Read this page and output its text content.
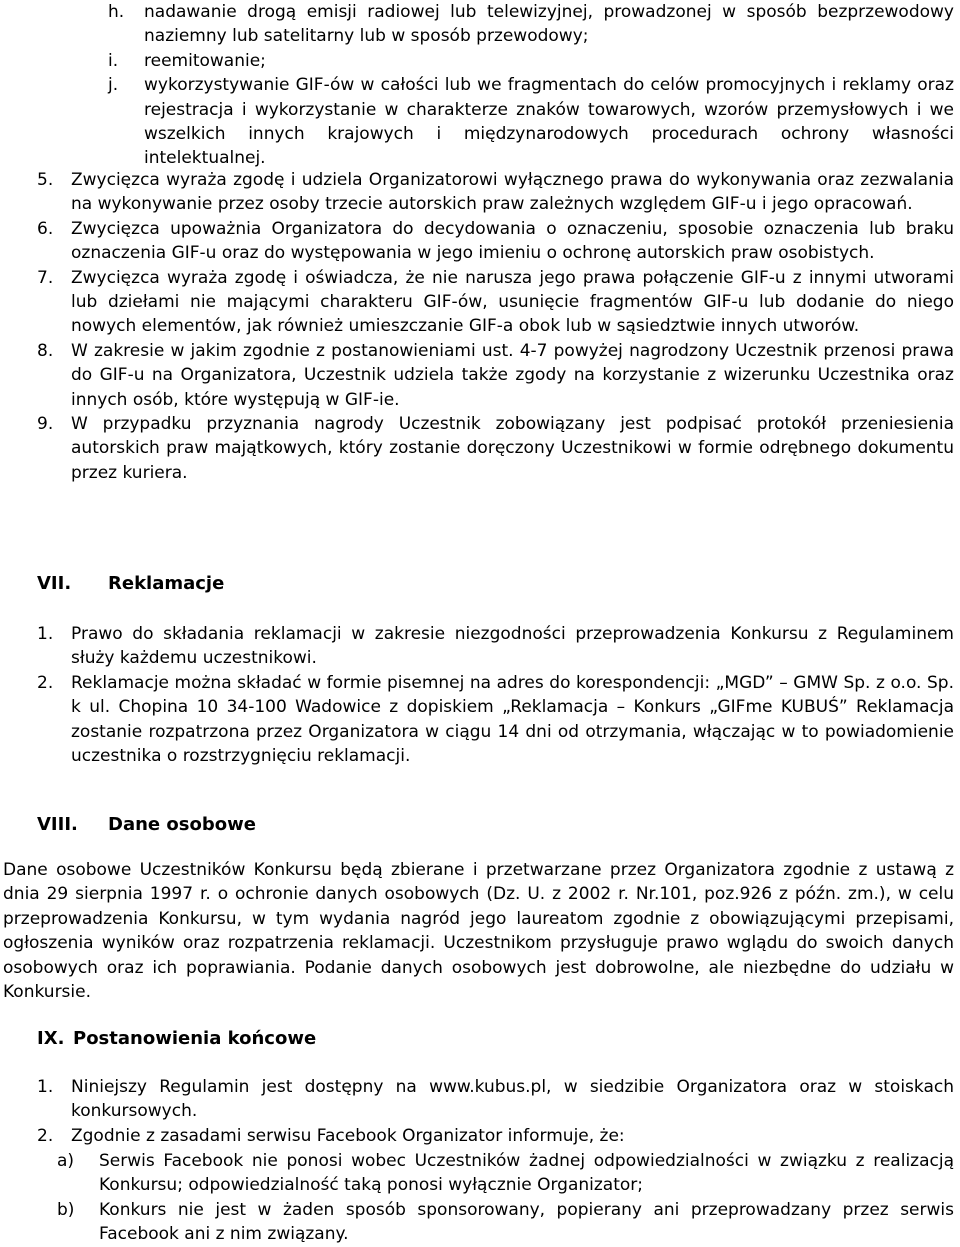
h.	nadawanie drogą emisji radiowej lub telewizyjnej, prowadzonej w sposób bezprzewodowy naziemny lub satelitarny lub w sposób przewodowy;
i.	reemitowanie;
j.	wykorzystywanie GIF-ów w całości lub we fragmentach do celów promocyjnych i reklamy oraz rejestracja i wykorzystanie w charakterze znaków towarowych, wzorów przemysłowych i we wszelkich innych krajowych i międzynarodowych procedurach ochrony własności intelektualnej.
5.	Zwycięzca wyraża zgodę i udziela Organizatorowi wyłącznego prawa do wykonywania oraz zezwalania na wykonywanie przez osoby trzecie autorskich praw zależnych względem GIF-u i jego opracowań.
6.	Zwycięzca upoważnia Organizatora do decydowania o oznaczeniu, sposobie oznaczenia lub braku oznaczenia GIF-u oraz do występowania w jego imieniu o ochronę autorskich praw osobistych.
7.	Zwycięzca wyraża zgodę i oświadcza, że nie narusza jego prawa połączenie GIF-u z innymi utworami lub dziełami nie mającymi charakteru GIF-ów, usunięcie fragmentów GIF-u lub dodanie do niego nowych elementów, jak również umieszczanie GIF-a obok lub w sąsiedztwie innych utworów.
8.	W zakresie w jakim zgodnie z postanowieniami ust. 4-7 powyżej nagrodzony Uczestnik przenosi prawa do GIF-u na Organizatora, Uczestnik udziela także zgody na korzystanie z wizerunku Uczestnika oraz innych osób, które występują w GIF-ie.
9.	W przypadku przyznania nagrody Uczestnik zobowiązany jest podpisać protokół przeniesienia autorskich praw majątkowych, który zostanie doręczony Uczestnikowi w formie odrębnego dokumentu przez kuriera.
VII. Reklamacje
1.	Prawo do składania reklamacji w zakresie niezgodności przeprowadzenia Konkursu z Regulaminem służy każdemu uczestnikowi.
2.	Reklamacje można składać w formie pisemnej na adres do korespondencji: „MGD” – GMW Sp. z o.o. Sp. k ul. Chopina 10 34-100 Wadowice z dopiskiem „Reklamacja – Konkurs „GIFme KUBUŚ” Reklamacja zostanie rozpatrzona przez Organizatora w ciągu 14 dni od otrzymania, włączając w to powiadomienie uczestnika o rozstrzygnięciu reklamacji.
VIII. Dane osobowe
Dane osobowe Uczestników Konkursu będą zbierane i przetwarzane przez Organizatora zgodnie z ustawą z dnia 29 sierpnia 1997 r. o ochronie danych osobowych (Dz. U. z 2002 r. Nr.101, poz.926 z późn. zm.), w celu przeprowadzenia Konkursu, w tym wydania nagród jego laureatom zgodnie z obowiązującymi przepisami, ogłoszenia wyników oraz rozpatrzenia reklamacji. Uczestnikom przysługuje prawo wglądu do swoich danych osobowych oraz ich poprawiania. Podanie danych osobowych jest dobrowolne, ale niezbędne do udziału w Konkursie.
IX. Postanowienia końcowe
1.	Niniejszy Regulamin jest dostępny na www.kubus.pl, w siedzibie Organizatora oraz w stoiskach konkursowych.
2.	Zgodnie z zasadami serwisu Facebook Organizator informuje, że:
a)	Serwis Facebook nie ponosi wobec Uczestników żadnej odpowiedzialności w związku z realizacją Konkursu; odpowiedzialność taką ponosi wyłącznie Organizator;
b)	Konkurs nie jest w żaden sposób sponsorowany, popierany ani przeprowadzany przez serwis Facebook ani z nim związany.
